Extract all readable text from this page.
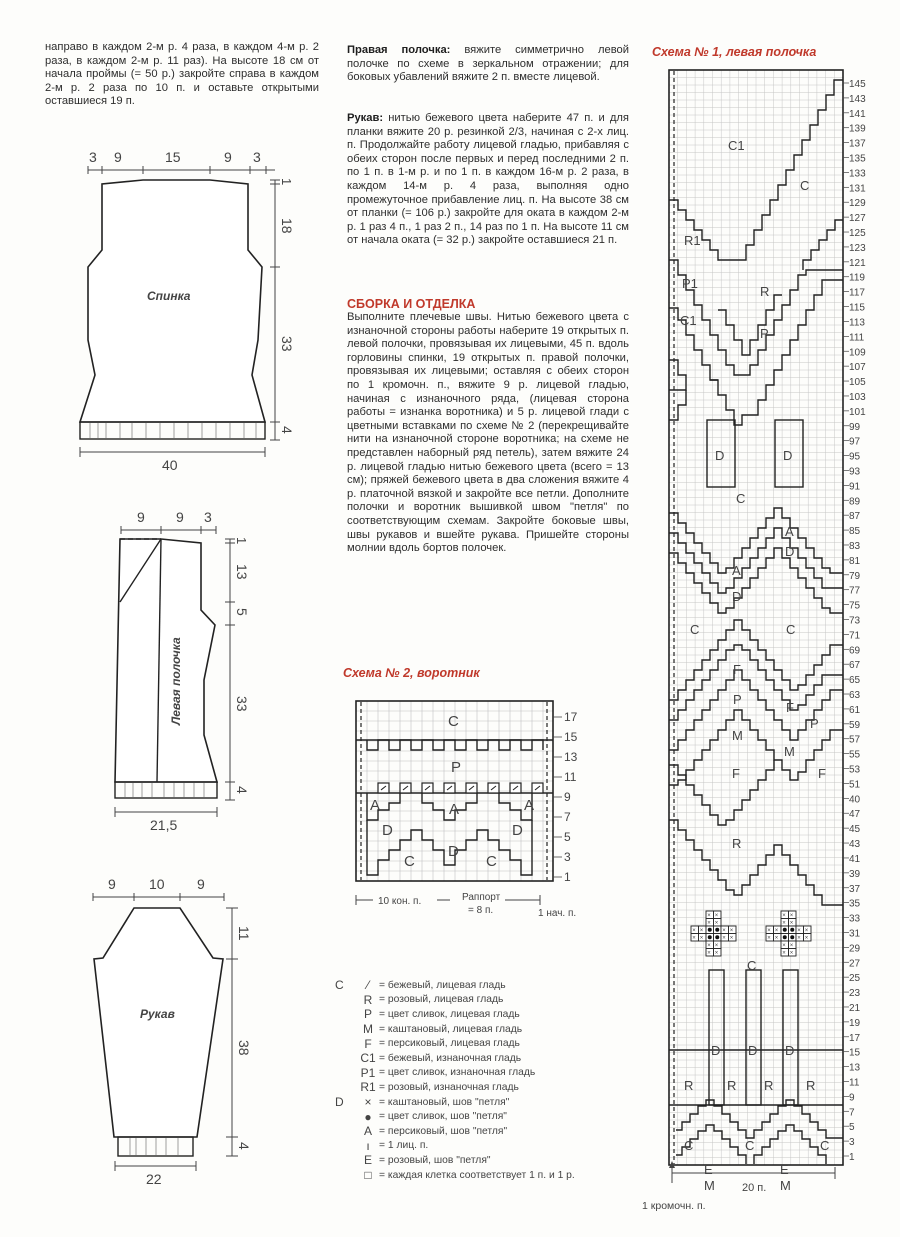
направо в каждом 2-м р. 4 раза, в каждом 4-м р. 2 раза, в каждом 2-м р. 11 раз). На высоте 18 см от начала проймы (= 50 р.) закройте справа в каждом 2-м р. 2 раза по 10 п. и оставьте открытыми оставшиеся 19 п.
Правая полочка: вяжите симметрично левой полочке по схеме в зеркальном отражении; для боковых убавлений вяжите 2 п. вместе лицевой.
Рукав: нитью бежевого цвета наберите 47 п. и для планки вяжите 20 р. резинкой 2/3, начиная с 2-х лиц. п. Продолжайте работу лицевой гладью, прибавляя с обеих сторон после первых и перед последними 2 п. по 1 п. в 1-м р. и по 1 п. в каждом 16-м р. 2 раза, в каждом 14-м р. 4 раза, выполняя одно промежуточное прибавление лиц. п. На высоте 38 см от планки (= 106 р.) закройте для оката в каждом 2-м р. 1 раз 4 п., 1 раз 2 п., 14 раз по 1 п. На высоте 11 см от начала оката (= 32 р.) закройте оставшиеся 21 п.
СБОРКА И ОТДЕЛКА
Выполните плечевые швы. Нитью бежевого цвета с изнаночной стороны работы наберите 19 открытых п. левой полочки, провязывая их лицевыми, 45 п. вдоль горловины спинки, 19 открытых п. правой полочки, провязывая их лицевыми; оставляя с обеих сторон по 1 кромочн. п., вяжите 9 р. лицевой гладью, начиная с изнаночного ряда, (лицевая сторона работы = изнанка воротника) и 5 р. лицевой глади с цветными вставками по схеме № 2 (перекрещивайте нити на изнаночной стороне воротника; на схеме не представлен наборный ряд петель), затем вяжите 24 р. лицевой гладью нитью бежевого цвета (всего = 13 см); пряжей бежевого цвета в два сложения вяжите 4 р. платочной вязкой и закройте все петли. Дополните полочки и воротник вышивкой швом "петля" по соответствующим схемам. Закройте боковые швы, швы рукавов и вшейте рукава. Пришейте стороны молнии вдоль бортов полочек.
3 9	15	9 3
1
18
33
4
40
Спинка
9 9 3
1
13
5
33
4
21,5
Левая полочка
9 10 9
11
38
4
22
Рукав
Схема № 2, воротник
C
P
A	A	A
D
D
D
C	C
17
15
13
11
9
7
5
3
1
10 кон. п.	Раппорт
= 8 п.	1 нач. п.
C	⁄ = бежевый, лицевая гладь
R = розовый, лицевая гладь
P = цвет сливок, лицевая гладь
M = каштановый, лицевая гладь
F = персиковый, лицевая гладь
C1 = бежевый, изнаночная гладь
P1 = цвет сливок, изнаночная гладь
R1 = розовый, изнаночная гладь
D	× = каштановый, шов "петля"
● = цвет сливок, шов "петля"
A = персиковый, шов "петля"
ı = 1 лиц. п.
E = розовый, шов "петля"
□ = каждая клетка соответствует 1 п. и 1 р.
Схема № 1, левая полочка
× ×
× ×
× ×	× ×
× ×	× ×
× ×
× ×
× ×
× ×
× ×	× ×
× ×	× ×
× ×
× ×
C1
C
R1
P1
R
C1
P
D	D
C
A
A
D
D
C	C
F
P
F
P
M
M
F	F
R
C
D D D
R	R R	R
C	C	C
E	E
M	M
145
143
141
139
137
135
133
131
129
127
125
123
121
119
117
115
113
111
109
107
105
103
101
99
97
95
93
91
89
87
85
83
81
79
77
75
73
71
69
67
65
63
61
59
57
55
53
51
40
47
45
43
41
39
37
35
33
31
29
27
25
23
21
19
17
15
13
11
9
7
5
3
1
20 п.
1 кромочн. п.
